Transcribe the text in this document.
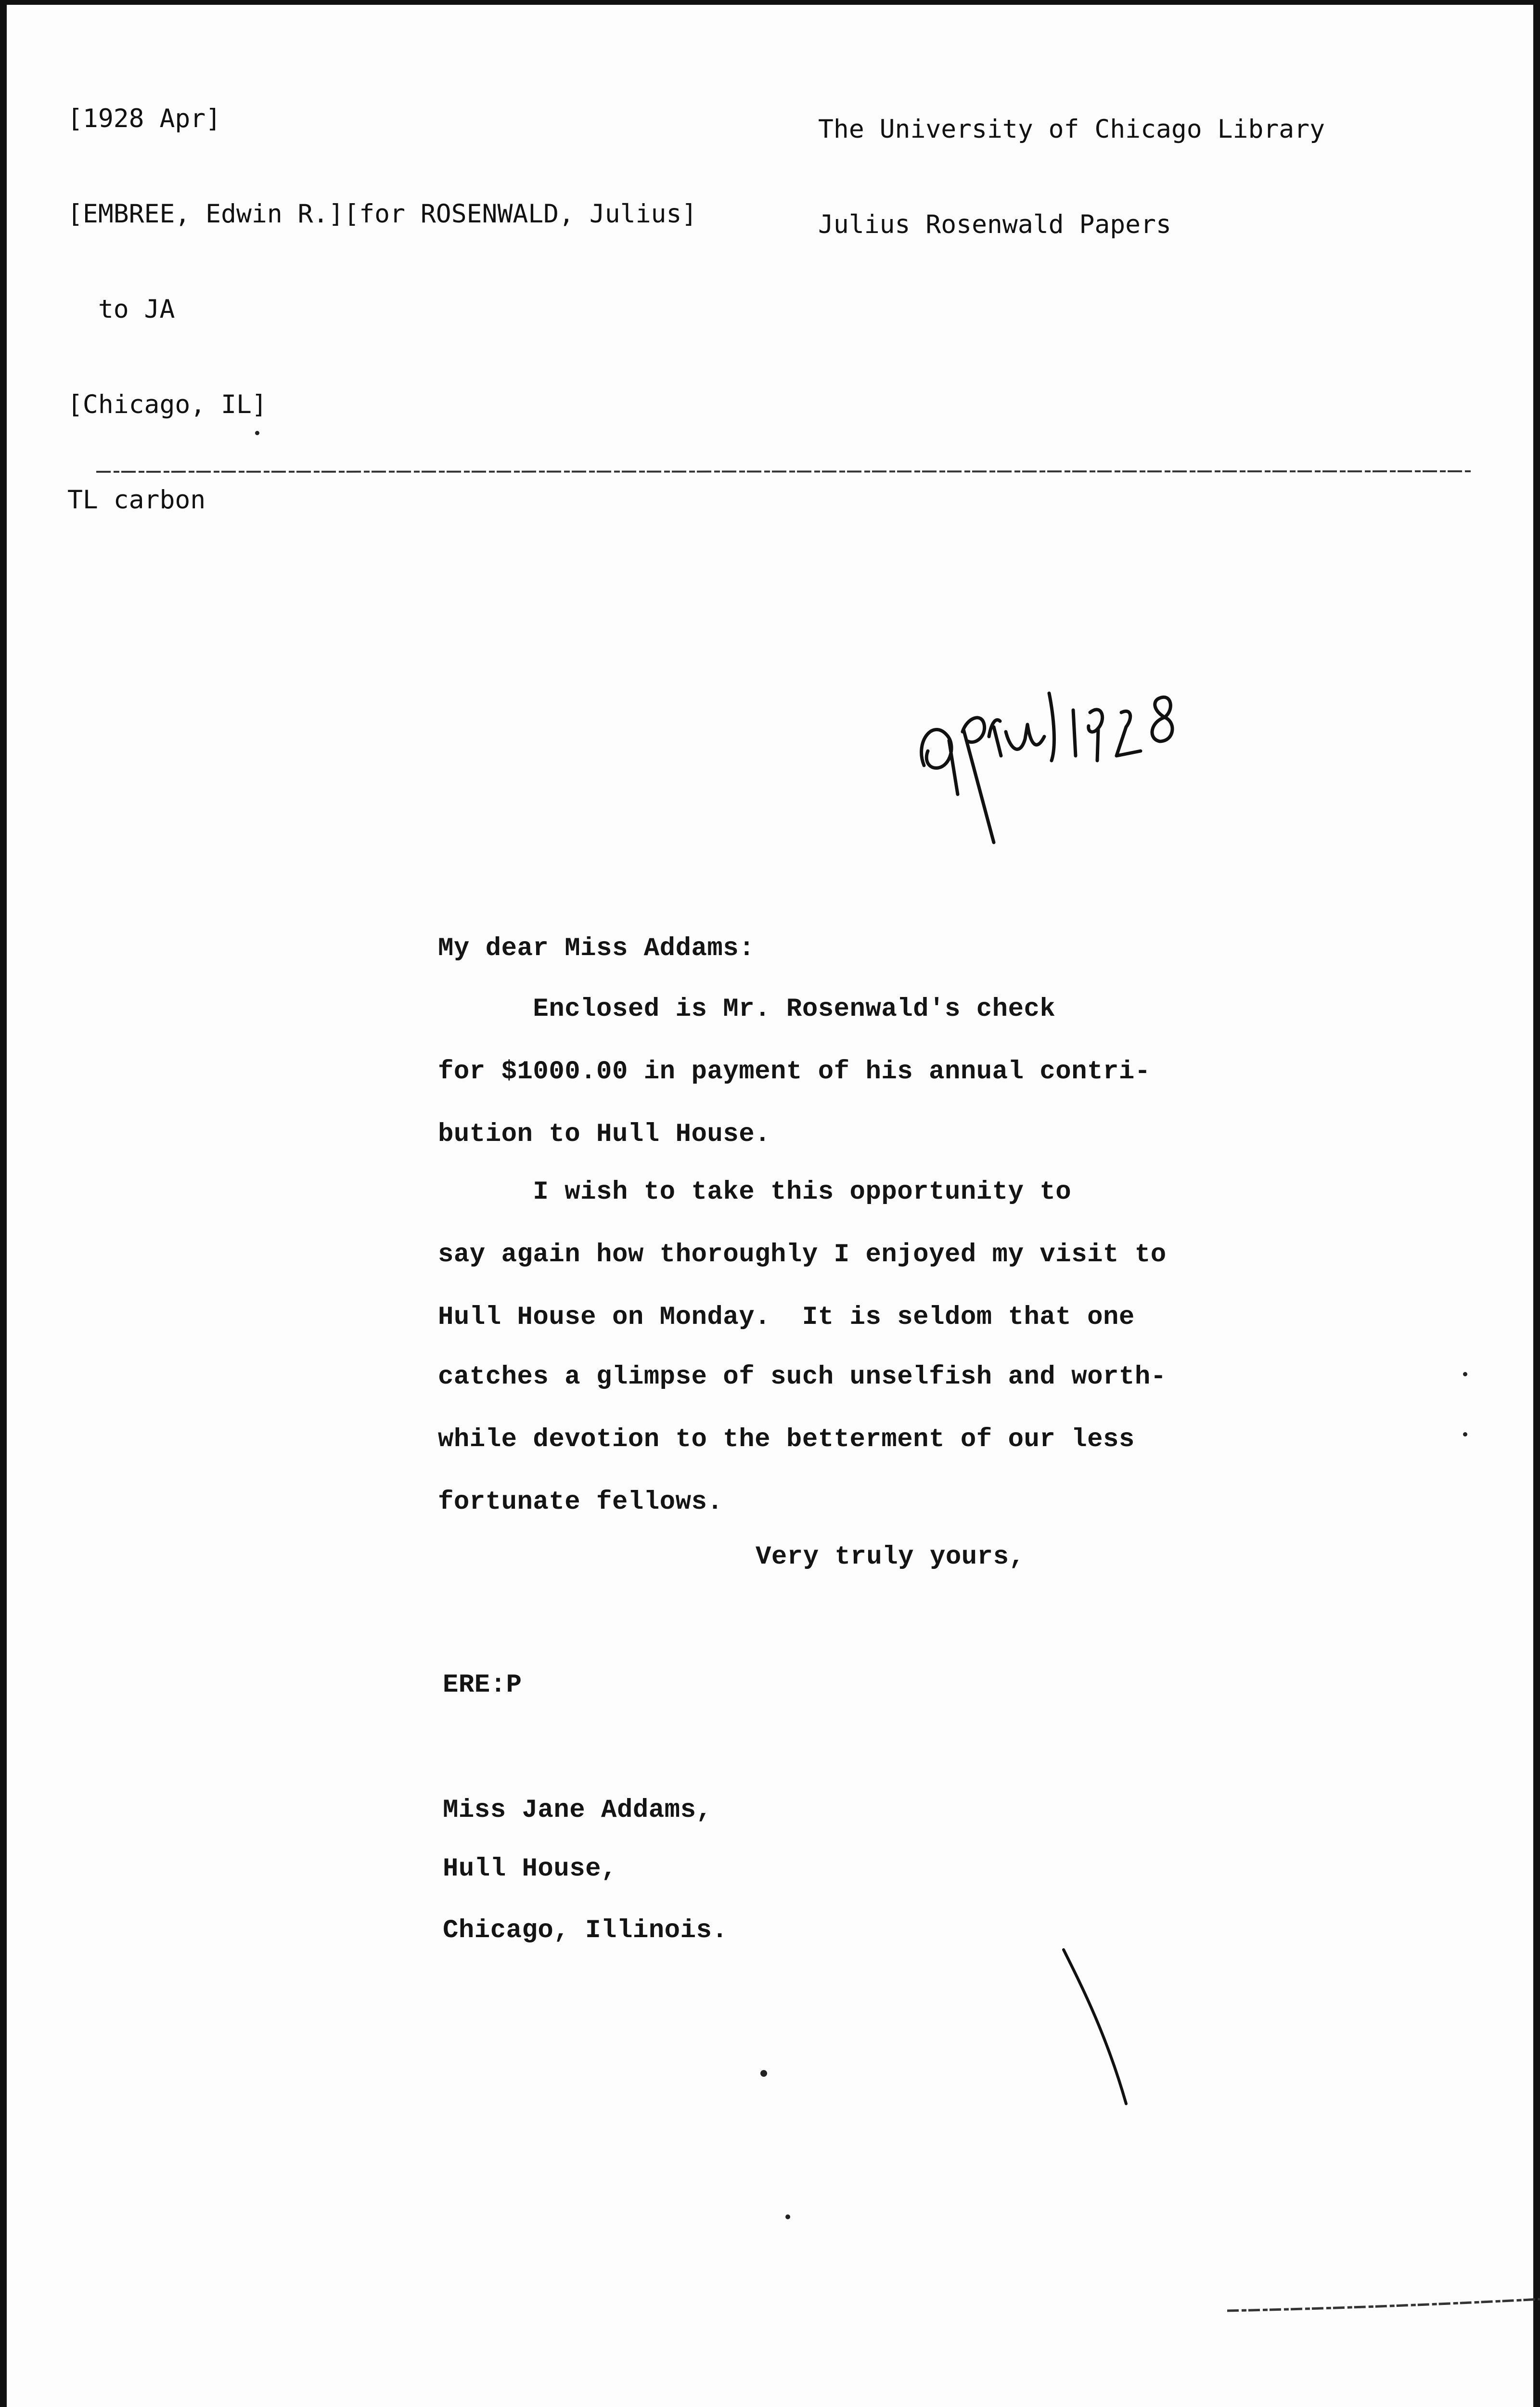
[1928 Apr]

[EMBREE, Edwin R.][for ROSENWALD, Julius]

to JA

[Chicago, IL]

TL carbon

The University of Chicago Library

Julius Rosenwald Papers

My dear Miss Addams:
Enclosed is Mr. Rosenwald's check
for $1000.00 in payment of his annual contri-
bution to Hull House.
I wish to take this opportunity to
say again how thoroughly I enjoyed my visit to
Hull House on Monday.  It is seldom that one
catches a glimpse of such unselfish and worth-
while devotion to the betterment of our less
fortunate fellows.
Very truly yours,
ERE:P
Miss Jane Addams,
Hull House,
Chicago, Illinois.
